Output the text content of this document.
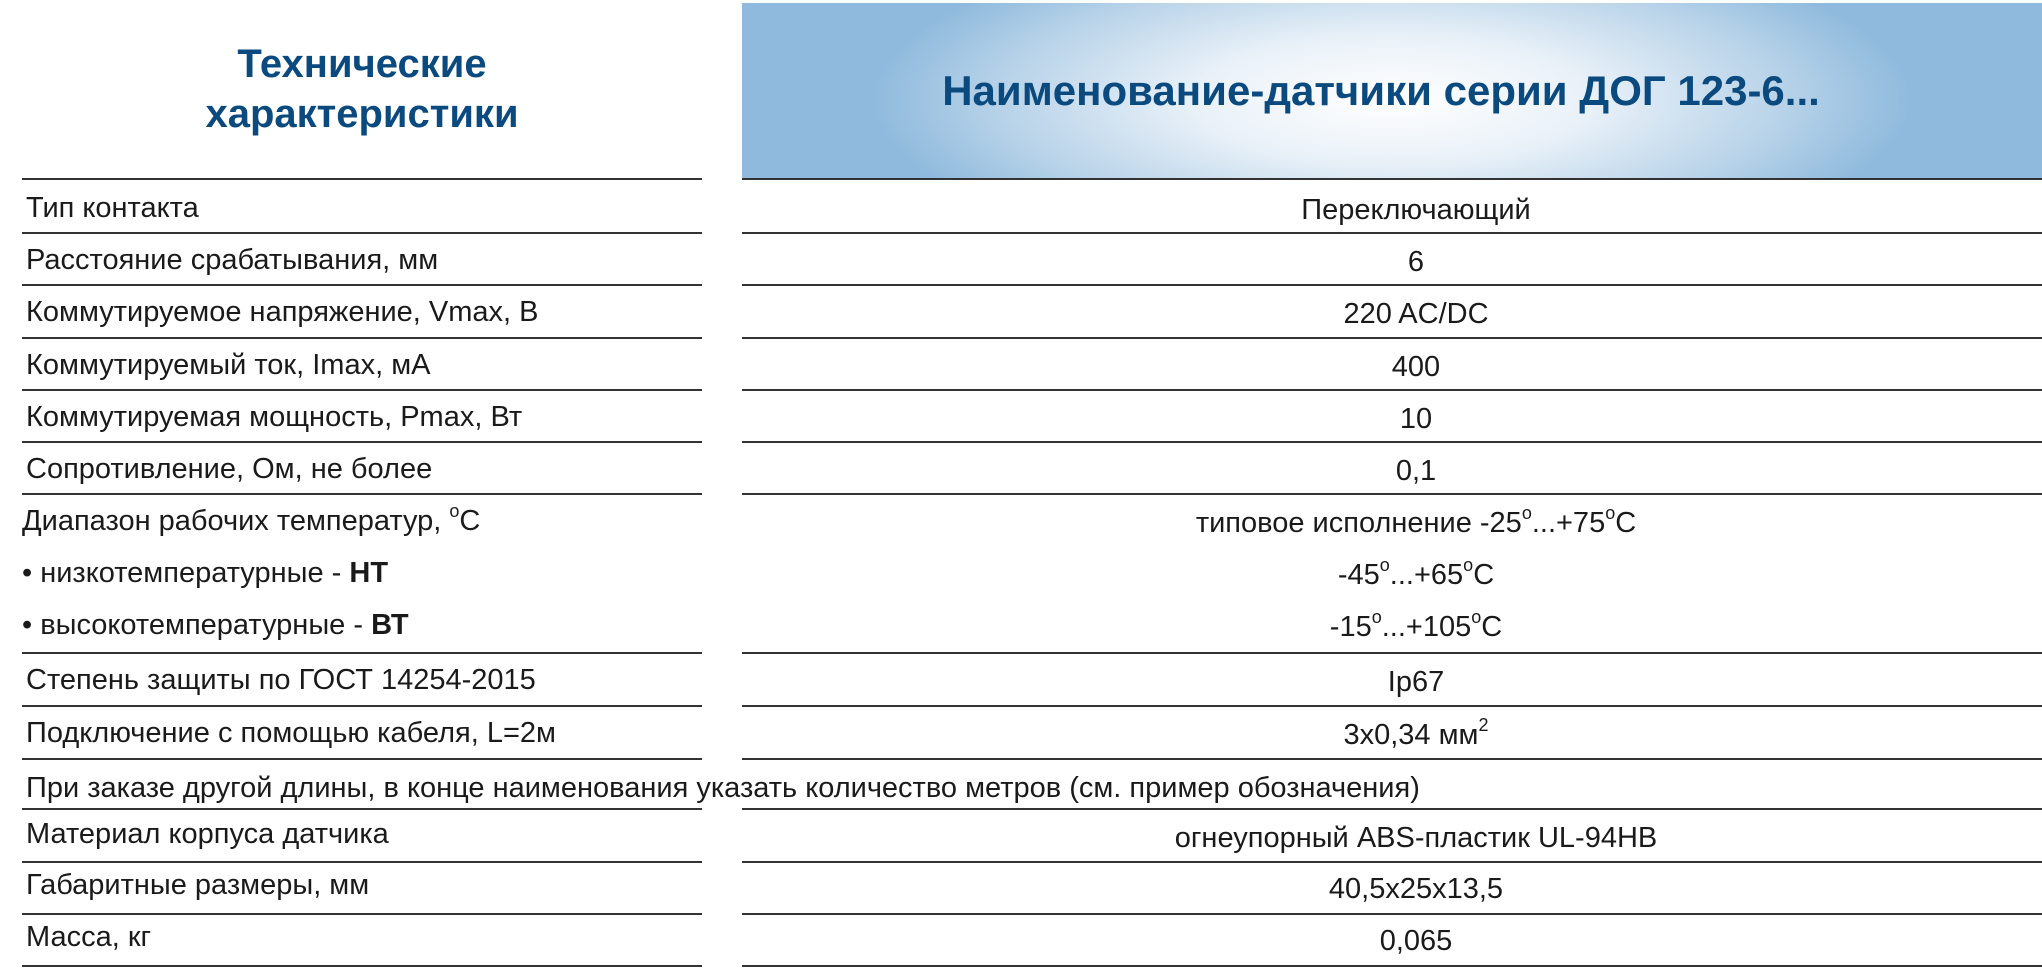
Технические
характеристики	Наименование-датчики серии ДОГ 123-6...
Тип контакта	Переключающий
Расстояние срабатывания, мм	6
Коммутируемое напряжение, Vmax, В	220 AC/DC
Коммутируемый ток, Imax, мА	400
Коммутируемая мощность, Pmax, Вт	10
Сопротивление, Ом, не более	0,1
Диапазон рабочих температур, $^o$C	типовое исполнение $-25^o...+75^oC$
• низкотемпературные - НТ	$-45^o...+65^oC$
• высокотемпературные - ВТ	$-15^o...+105^oC$
Степень защиты по ГОСТ 14254-2015	Ip67
Подключение с помощью кабеля, L=2м	3x0,34 $мм^2$
При заказе другой длины, в конце наименования указать количество метров (см. пример обозначения)
Материал корпуса датчика	огнеупорный ABS-пластик UL-94HB
Габаритные размеры, мм	40,5x25x13,5
Масса, кг	0,065
